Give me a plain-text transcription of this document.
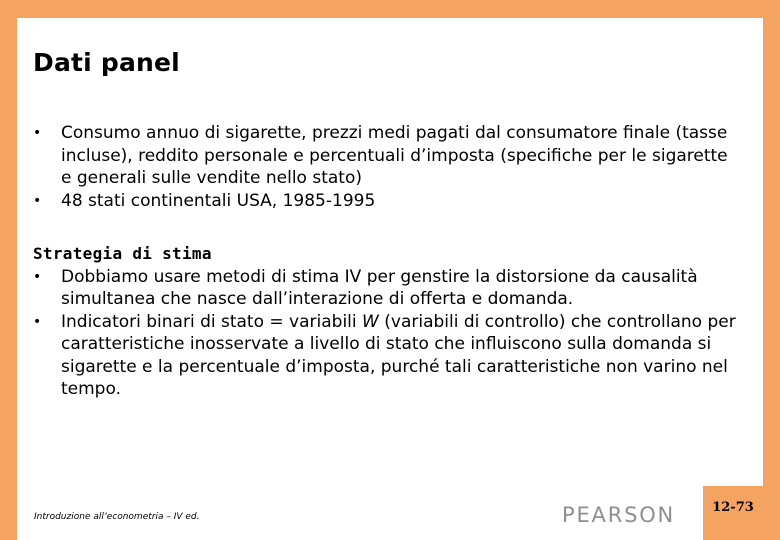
Dati panel
• Consumo annuo di sigarette, prezzi medi pagati dal consumatore finale (tasse incluse), reddito personale e percentuali d’imposta (specifiche per le sigarette e generali sulle vendite nello stato)
• 48 stati continentali USA, 1985-1995
Strategia di stima
• Dobbiamo usare metodi di stima IV per genstire la distorsione da causalità simultanea che nasce dall’interazione di offerta e domanda.
• Indicatori binari di stato = variabili W (variabili di controllo) che controllano per caratteristiche inosservate a livello di stato che influiscono sulla domanda si sigarette e la percentuale d’imposta, purché tali caratteristiche non varino nel tempo.
Introduzione all’econometria – IV ed.	PEARSON	12-73
